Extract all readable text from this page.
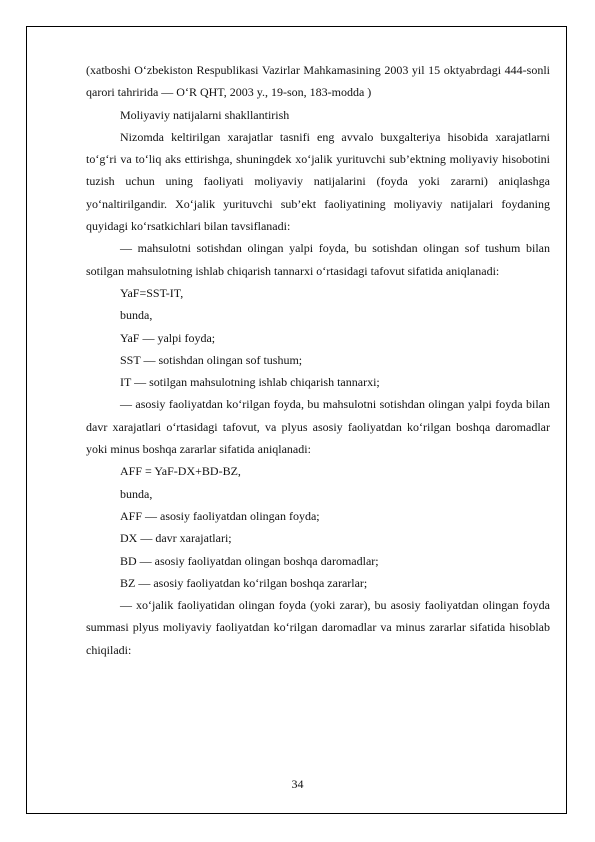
(xatboshi O‘zbekiston Respublikasi Vazirlar Mahkamasining 2003 yil 15 oktyabrdagi 444-sonli qarori tahririda — O‘R QHT, 2003 y., 19-son, 183-modda )

Moliyaviy natijalarni shakllantirish

Nizomda keltirilgan xarajatlar tasnifi eng avvalo buxgalteriya hisobida xarajatlarni to‘g‘ri va to‘liq aks ettirishga, shuningdek xo‘jalik yurituvchi sub’ektning moliyaviy hisobotini tuzish uchun uning faoliyati moliyaviy natijalarini (foyda yoki zararni) aniqlashga yo‘naltirilgandir. Xo‘jalik yurituvchi sub’ekt faoliyatining moliyaviy natijalari foydaning quyidagi ko‘rsatkichlari bilan tavsiflanadi:

— mahsulotni sotishdan olingan yalpi foyda, bu sotishdan olingan sof tushum bilan sotilgan mahsulotning ishlab chiqarish tannarxi o‘rtasidagi tafovut sifatida aniqlanadi:

YaF=SST-IT,

bunda,

YaF — yalpi foyda;

SST — sotishdan olingan sof tushum;

IT — sotilgan mahsulotning ishlab chiqarish tannarxi;

— asosiy faoliyatdan ko‘rilgan foyda, bu mahsulotni sotishdan olingan yalpi foyda bilan davr xarajatlari o‘rtasidagi tafovut, va plyus asosiy faoliyatdan ko‘rilgan boshqa daromadlar yoki minus boshqa zararlar sifatida aniqlanadi:

AFF = YaF-DX+BD-BZ,

bunda,

AFF — asosiy faoliyatdan olingan foyda;

DX — davr xarajatlari;

BD — asosiy faoliyatdan olingan boshqa daromadlar;

BZ — asosiy faoliyatdan ko‘rilgan boshqa zararlar;

— xo‘jalik faoliyatidan olingan foyda (yoki zarar), bu asosiy faoliyatdan olingan foyda summasi plyus moliyaviy faoliyatdan ko‘rilgan daromadlar va minus zararlar sifatida hisoblab chiqiladi:

34
